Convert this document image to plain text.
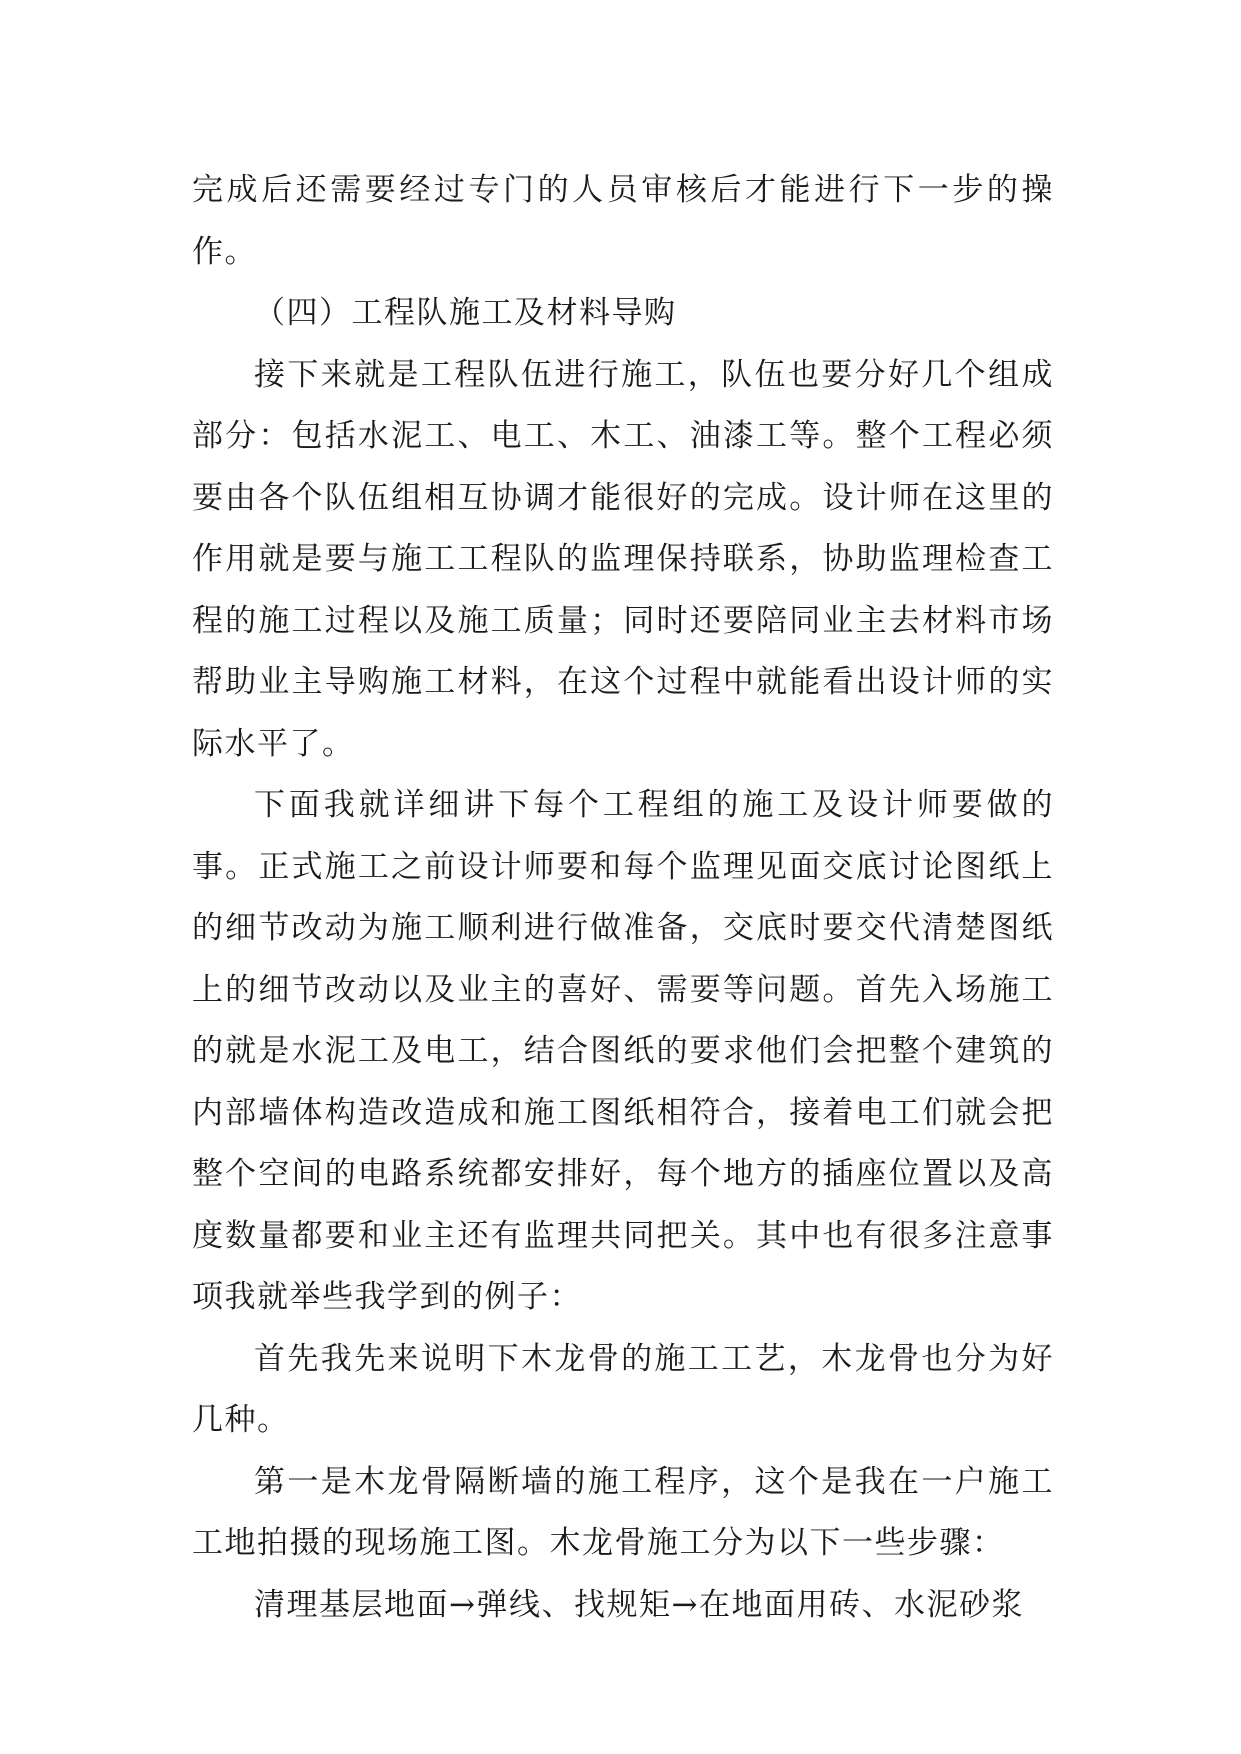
完成后还需要经过专门的人员审核后才能进行下一步的操作。

（四）工程队施工及材料导购

接下来就是工程队伍进行施工，队伍也要分好几个组成部分：包括水泥工、电工、木工、油漆工等。整个工程必须要由各个队伍组相互协调才能很好的完成。设计师在这里的作用就是要与施工工程队的监理保持联系，协助监理检查工程的施工过程以及施工质量；同时还要陪同业主去材料市场帮助业主导购施工材料，在这个过程中就能看出设计师的实际水平了。

下面我就详细讲下每个工程组的施工及设计师要做的事。正式施工之前设计师要和每个监理见面交底讨论图纸上的细节改动为施工顺利进行做准备，交底时要交代清楚图纸上的细节改动以及业主的喜好、需要等问题。首先入场施工的就是水泥工及电工，结合图纸的要求他们会把整个建筑的内部墙体构造改造成和施工图纸相符合，接着电工们就会把整个空间的电路系统都安排好，每个地方的插座位置以及高度数量都要和业主还有监理共同把关。其中也有很多注意事项我就举些我学到的例子：

首先我先来说明下木龙骨的施工工艺，木龙骨也分为好几种。

第一是木龙骨隔断墙的施工程序，这个是我在一户施工工地拍摄的现场施工图。木龙骨施工分为以下一些步骤：

清理基层地面→弹线、找规矩→在地面用砖、水泥砂浆
